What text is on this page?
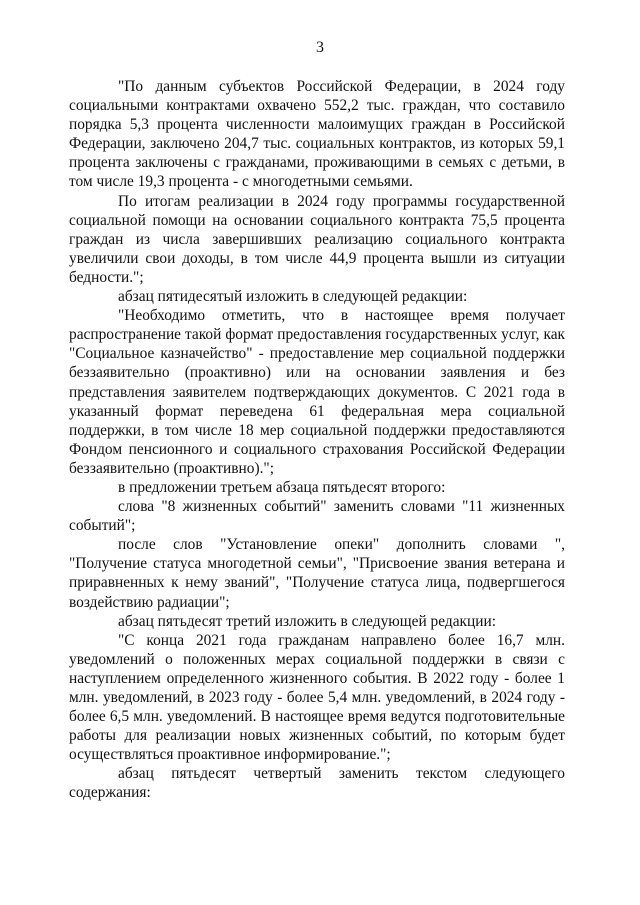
3

"По данным субъектов Российской Федерации, в 2024 году социальными контрактами охвачено 552,2 тыс. граждан, что составило порядка 5,3 процента численности малоимущих граждан в Российской Федерации, заключено 204,7 тыс. социальных контрактов, из которых 59,1 процента заключены с гражданами, проживающими в семьях с детьми, в том числе 19,3 процента - с многодетными семьями.

По итогам реализации в 2024 году программы государственной социальной помощи на основании социального контракта 75,5 процента граждан из числа завершивших реализацию социального контракта увеличили свои доходы, в том числе 44,9 процента вышли из ситуации бедности.";

абзац пятидесятый изложить в следующей редакции:

"Необходимо отметить, что в настоящее время получает распространение такой формат предоставления государственных услуг, как "Социальное казначейство" - предоставление мер социальной поддержки беззаявительно (проактивно) или на основании заявления и без представления заявителем подтверждающих документов. С 2021 года в указанный формат переведена 61 федеральная мера социальной поддержки, в том числе 18 мер социальной поддержки предоставляются Фондом пенсионного и социального страхования Российской Федерации беззаявительно (проактивно).";

в предложении третьем абзаца пятьдесят второго:

слова "8 жизненных событий" заменить словами "11 жизненных событий";

после слов "Установление опеки" дополнить словами ", "Получение статуса многодетной семьи", "Присвоение звания ветерана и приравненных к нему званий", "Получение статуса лица, подвергшегося воздействию радиации";

абзац пятьдесят третий изложить в следующей редакции:

"С конца 2021 года гражданам направлено более 16,7 млн. уведомлений о положенных мерах социальной поддержки в связи с наступлением определенного жизненного события. В 2022 году - более 1 млн. уведомлений, в 2023 году - более 5,4 млн. уведомлений, в 2024 году - более 6,5 млн. уведомлений. В настоящее время ведутся подготовительные работы для реализации новых жизненных событий, по которым будет осуществляться проактивное информирование.";

абзац пятьдесят четвертый заменить текстом следующего содержания:
